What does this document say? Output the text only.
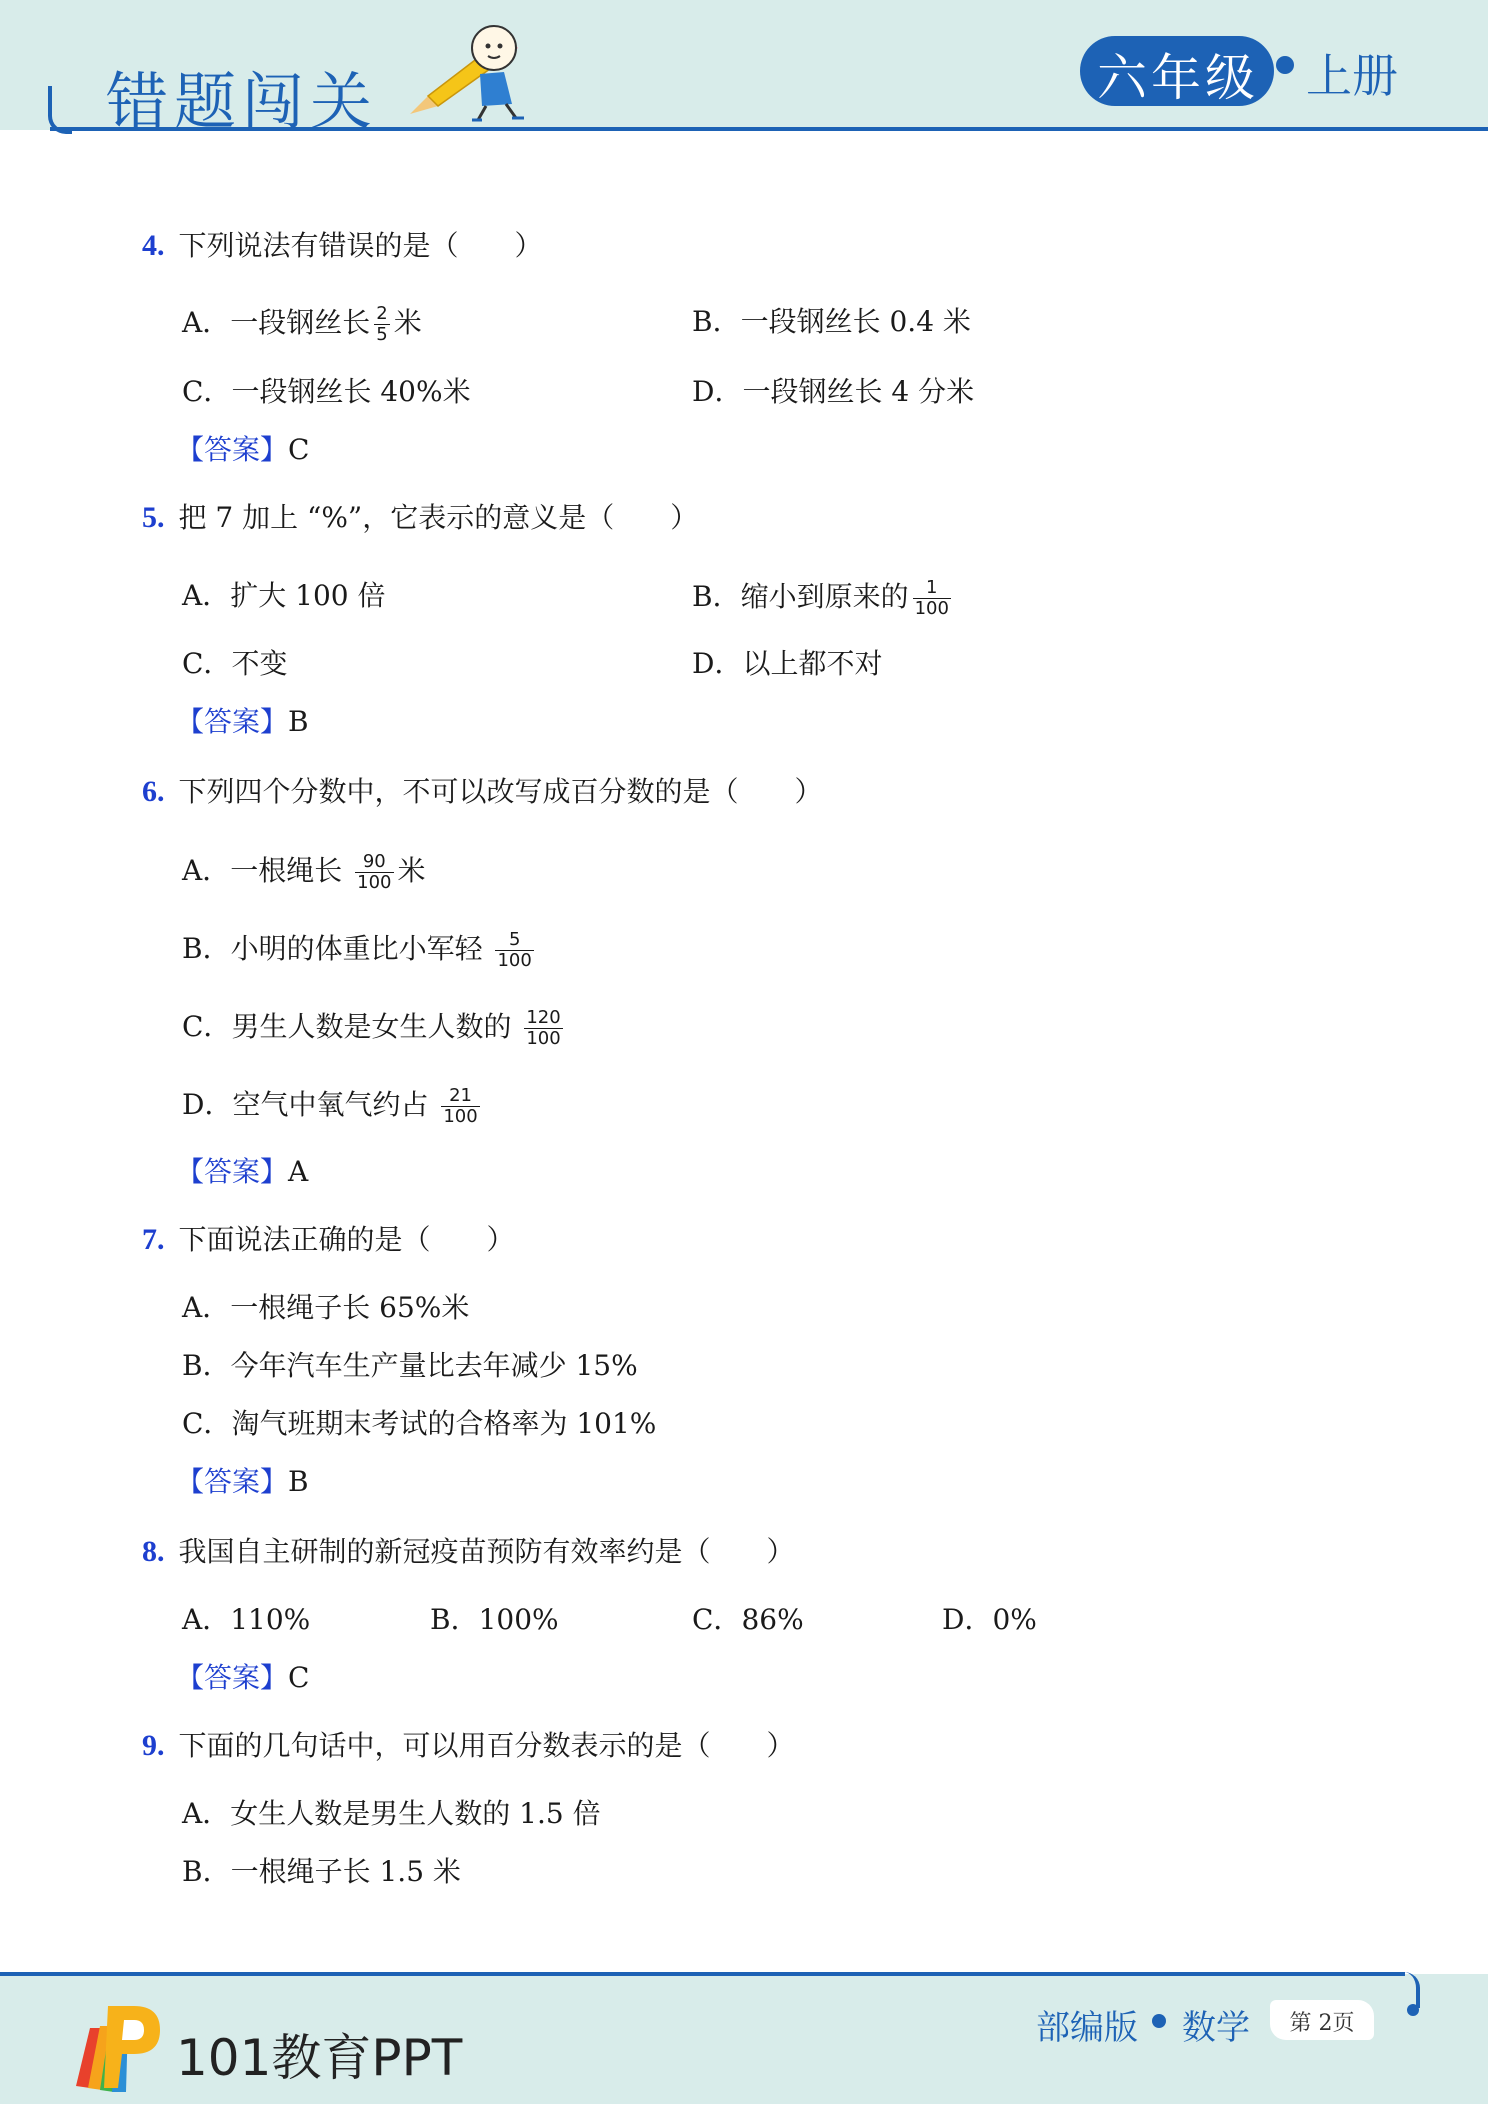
错题闯关	六年级 上册
4. 下列说法有错误的是（　　）
A．一段钢丝长 $\frac{2}{5}$ 米	B．一段钢丝长 0.4 米
C．一段钢丝长 40%米	D．一段钢丝长 4 分米
【答案】C
5. 把 7 加上 “%”，它表示的意义是（　　）
A．扩大 100 倍	B．缩小到原来的 $\frac{1}{100}$
C．不变	D．以上都不对
【答案】B
6. 下列四个分数中，不可以改写成百分数的是（　　）
A．一根绳长 $\frac{90}{100}$ 米
B．小明的体重比小军轻 $\frac{5}{100}$
C．男生人数是女生人数的 $\frac{120}{100}$
D．空气中氧气约占 $\frac{21}{100}$
【答案】A
7. 下面说法正确的是（　　）
A．一根绳子长 65%米
B．今年汽车生产量比去年减少 15%
C．淘气班期末考试的合格率为 101%
【答案】B
8. 我国自主研制的新冠疫苗预防有效率约是（　　）
A．110%	B．100%	C．86%	D．0%
【答案】C
9. 下面的几句话中，可以用百分数表示的是（　　）
A．女生人数是男生人数的 1.5 倍
B．一根绳子长 1.5 米
101教育PPT
部编版 数学	第 2页
